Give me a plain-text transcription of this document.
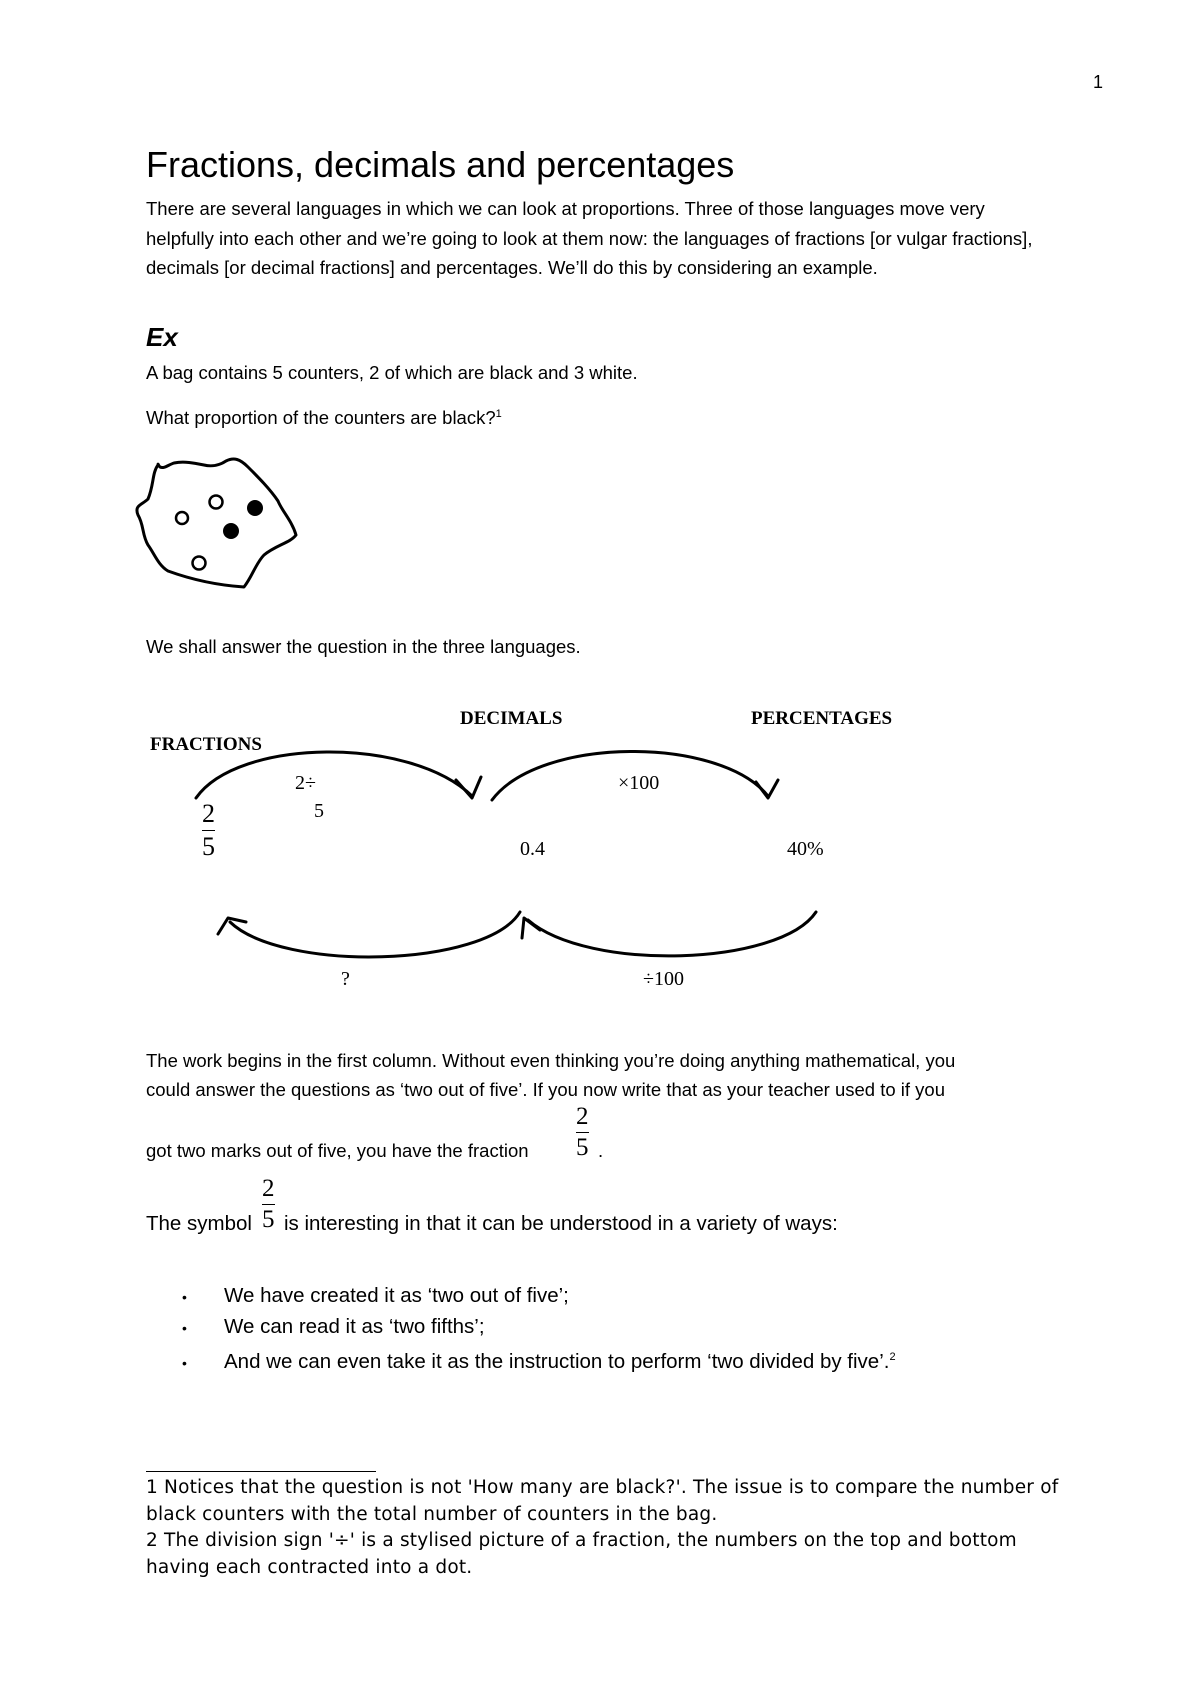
1
Fractions, decimals and percentages

There are several languages in which we can look at proportions. Three of those languages move very helpfully into each other and we’re going to look at them now: the languages of fractions [or vulgar fractions], decimals [or decimal fractions] and percentages. We’ll do this by considering an example.

Ex

A bag contains 5 counters, 2 of which are black and 3 white.

What proportion of the counters are black?$^1$

We shall answer the question in the three languages.

DECIMALS	PERCENTAGES
FRACTIONS
2÷
5
2
5
×100
0.4	40%
?	÷100

The work begins in the first column. Without even thinking you’re doing anything mathematical, you

could answer the questions as ‘two out of five’. If you now write that as your teacher used to if you

got two marks out of five, you have the fraction

2
5 .
2
5
The symbol is interesting in that it can be understood in a variety of ways:
• We have created it as ‘two out of five’;
• We can read it as ‘two fifths’;
• And we can even take it as the instruction to perform ‘two divided by five’.$^2$
1 Notices that the question is not 'How many are black?'. The issue is to compare the number of black counters with the total number of counters in the bag.
2 The division sign '÷' is a stylised picture of a fraction, the numbers on the top and bottom having each contracted into a dot.
